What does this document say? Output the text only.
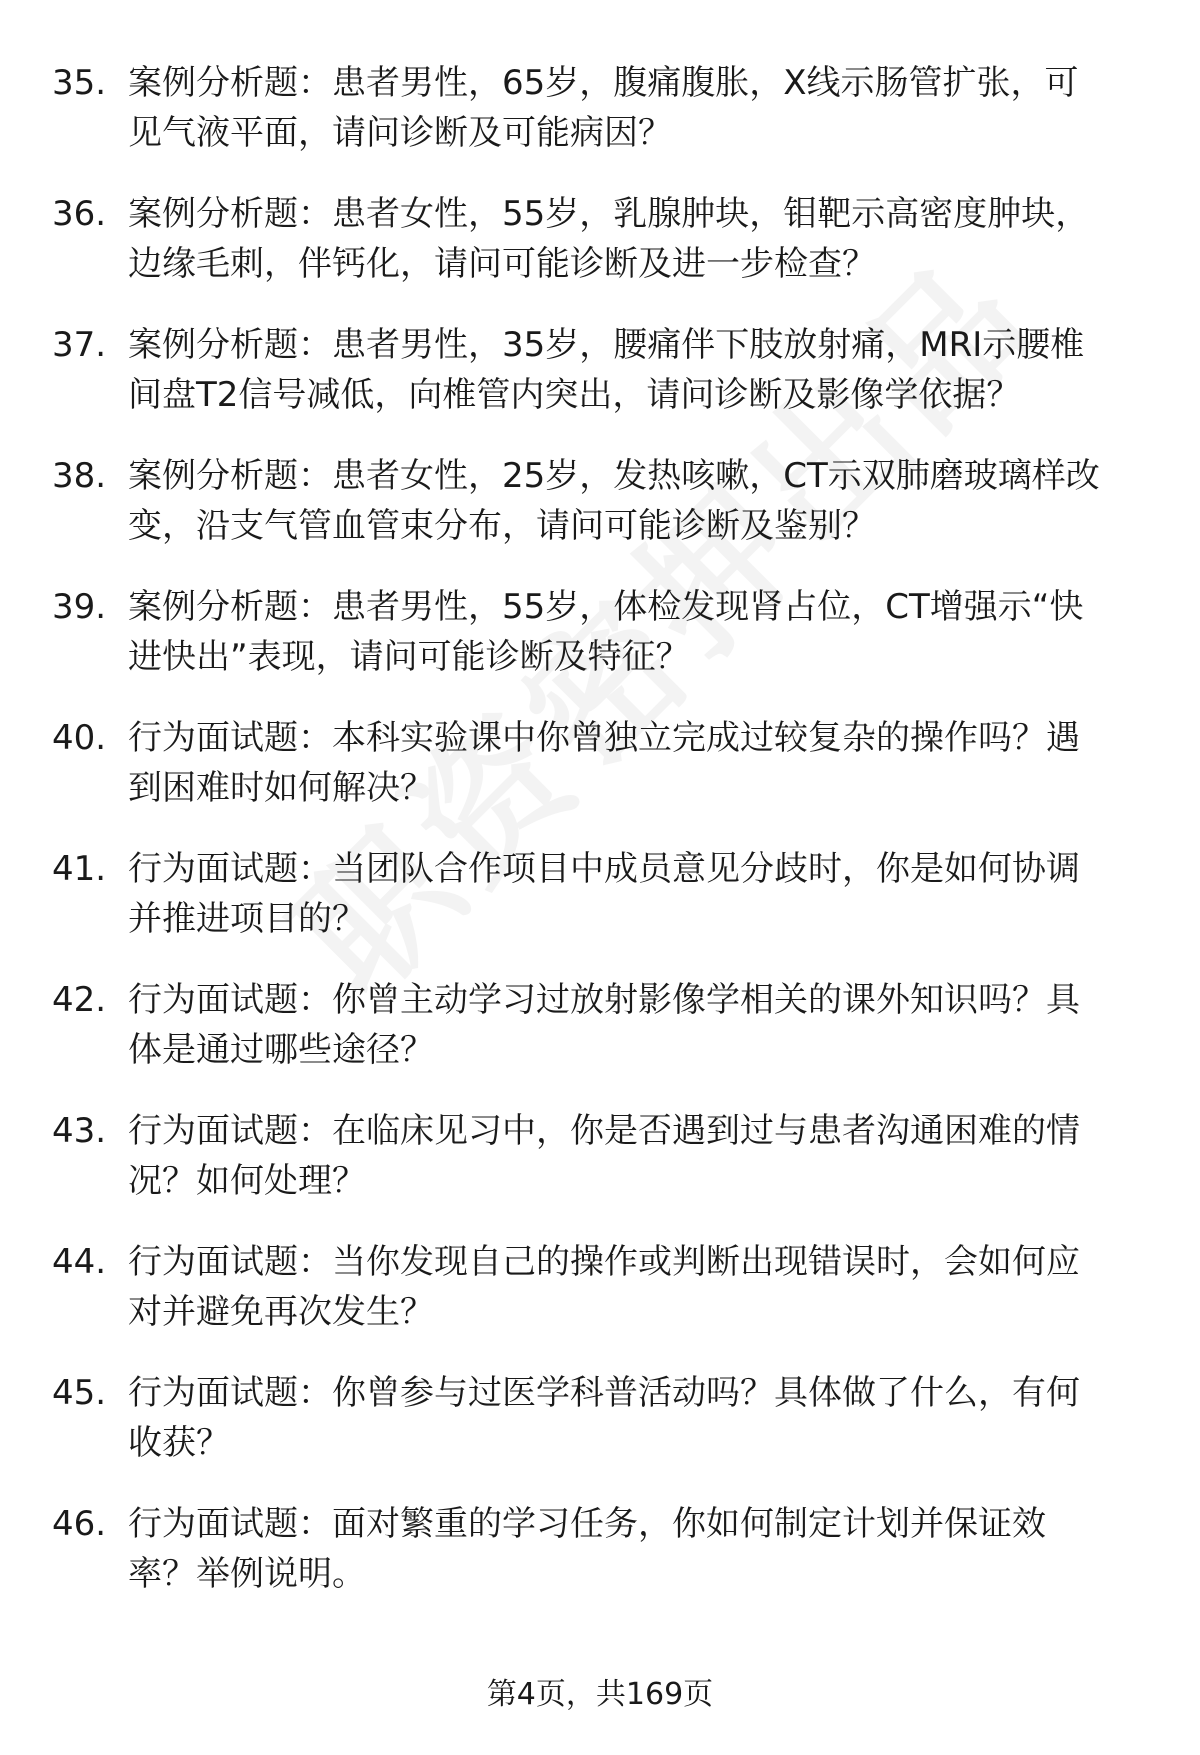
35. 案例分析题：患者男性，65岁，腹痛腹胀，X线示肠管扩张，可
见气液平面，请问诊断及可能病因？
36. 案例分析题：患者女性，55岁，乳腺肿块，钼靶示高密度肿块，
边缘毛刺，伴钙化，请问可能诊断及进一步检查？
37. 案例分析题：患者男性，35岁，腰痛伴下肢放射痛，MRI示腰椎
间盘T2信号减低，向椎管内突出，请问诊断及影像学依据？
38. 案例分析题：患者女性，25岁，发热咳嗽，CT示双肺磨玻璃样改
变，沿支气管血管束分布，请问可能诊断及鉴别？
39. 案例分析题：患者男性，55岁，体检发现肾占位，CT增强示“快
进快出”表现，请问可能诊断及特征？
40. 行为面试题：本科实验课中你曾独立完成过较复杂的操作吗？遇
到困难时如何解决？
41. 行为面试题：当团队合作项目中成员意见分歧时，你是如何协调
并推进项目的？
42. 行为面试题：你曾主动学习过放射影像学相关的课外知识吗？具
体是通过哪些途径？
43. 行为面试题：在临床见习中，你是否遇到过与患者沟通困难的情
况？如何处理？
44. 行为面试题：当你发现自己的操作或判断出现错误时，会如何应
对并避免再次发生？
45. 行为面试题：你曾参与过医学科普活动吗？具体做了什么，有何
收获？
46. 行为面试题：面对繁重的学习任务，你如何制定计划并保证效
率？举例说明。
第4页，共169页
